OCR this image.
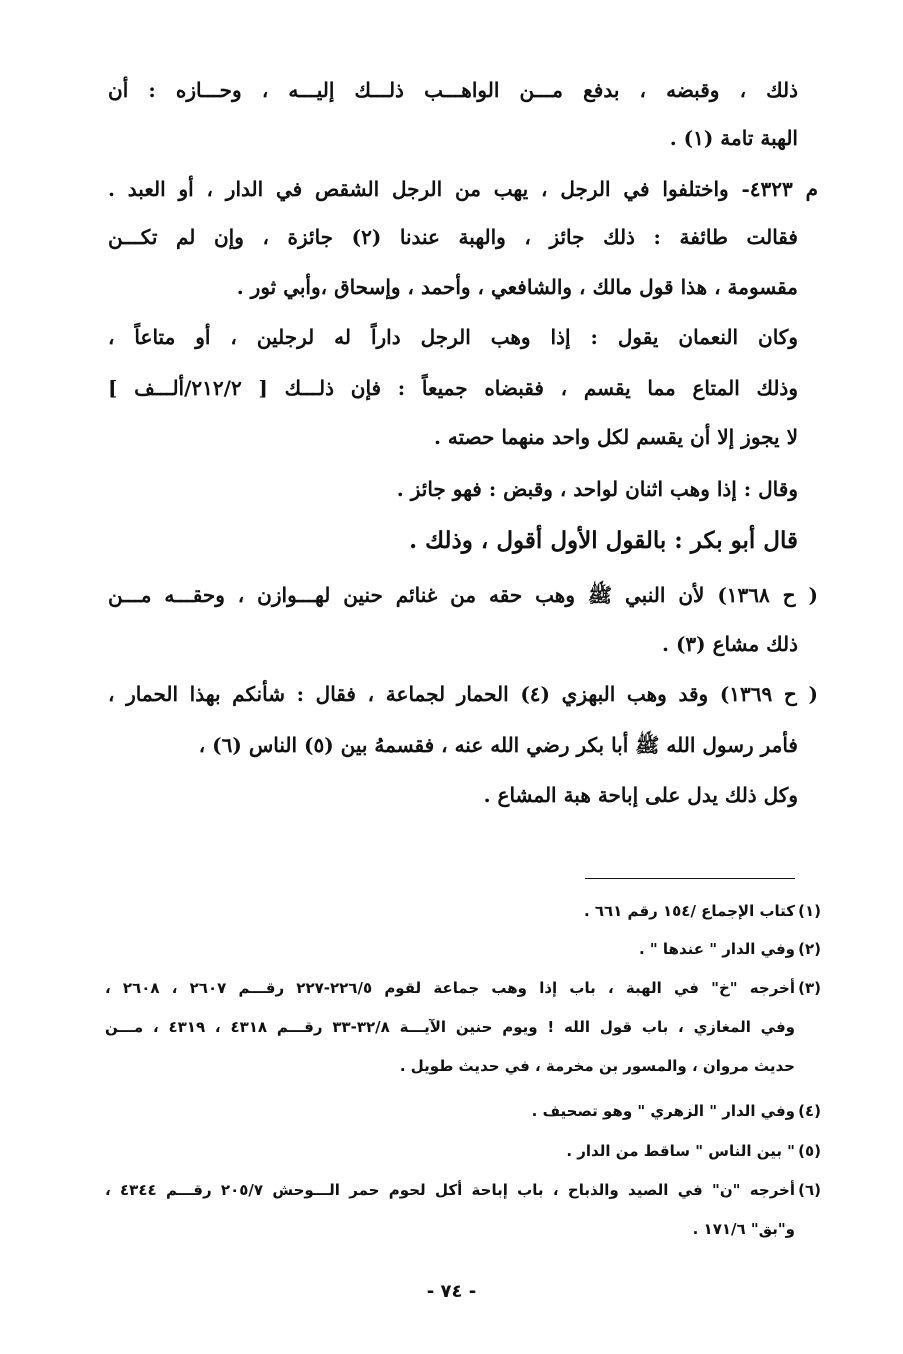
ذلك ، وقبضه ، بدفع مـــن الواهـــب ذلـــك إليـــه ، وحـــازه : أن
الهبة تامة (١) .
م ٤٣٢٣- واختلفوا في الرجل ، يهب من الرجل الشقص في الدار ، أو العبد .
فقالت طائفة : ذلك جائز ، والهبة عندنا (٢) جائزة ، وإن لم تكـــن
مقسومة ، هذا قول مالك ، والشافعي ، وأحمد ، وإسحاق ،وأبي ثور .
وكان النعمان يقول : إذا وهب الرجل داراً له لرجلين ، أو متاعاً ،
وذلك المتاع مما يقسم ، فقبضاه جميعاً : فإن ذلـــك [ ٢١٢/٢/ألـــف ]
لا يجوز إلا أن يقسم لكل واحد منهما حصته .
وقال : إذا وهب اثنان لواحد ، وقبض : فهو جائز .
قال أبو بكر : بالقول الأول أقول ، وذلك .
( ح ١٣٦٨) لأن النبي ﷺ وهب حقه من غنائم حنين لهـــوازن ، وحقـــه مـــن
ذلك مشاع (٣) .
( ح ١٣٦٩) وقد وهب البهزي (٤) الحمار لجماعة ، فقال : شأنكم بهذا الحمار ،
فأمر رسول الله ﷺ أبا بكر رضي الله عنه ، فقسمهُ بين (٥) الناس (٦) ،
وكل ذلك يدل على إباحة هبة المشاع .
(١)
كتاب الإجماع /١٥٤ رقم ٦٦١ .
(٢)
وفي الدار " عندها " .
(٣)
أخرجه "خ" في الهبة ، باب إذا وهب جماعة لقوم ٢٢٦/٥-٢٢٧ رقـــم ٢٦٠٧ ، ٢٦٠٨ ،
وفي المغازي ، باب قول الله ! ويوم حنين الآيـــة ٣٢/٨-٣٣ رقـــم ٤٣١٨ ، ٤٣١٩ ، مـــن
حديث مروان ، والمسور بن مخرمة ، في حديث طويل .
(٤)
وفي الدار " الزهري " وهو تصحيف .
(٥)
" بين الناس " ساقط من الدار .
(٦)
أخرجه "ن" في الصيد والذباح ، باب إباحة أكل لحوم حمر الـــوحش ٢٠٥/٧ رقـــم ٤٣٤٤ ،
و"بق" ١٧١/٦ .
- ٧٤ -
